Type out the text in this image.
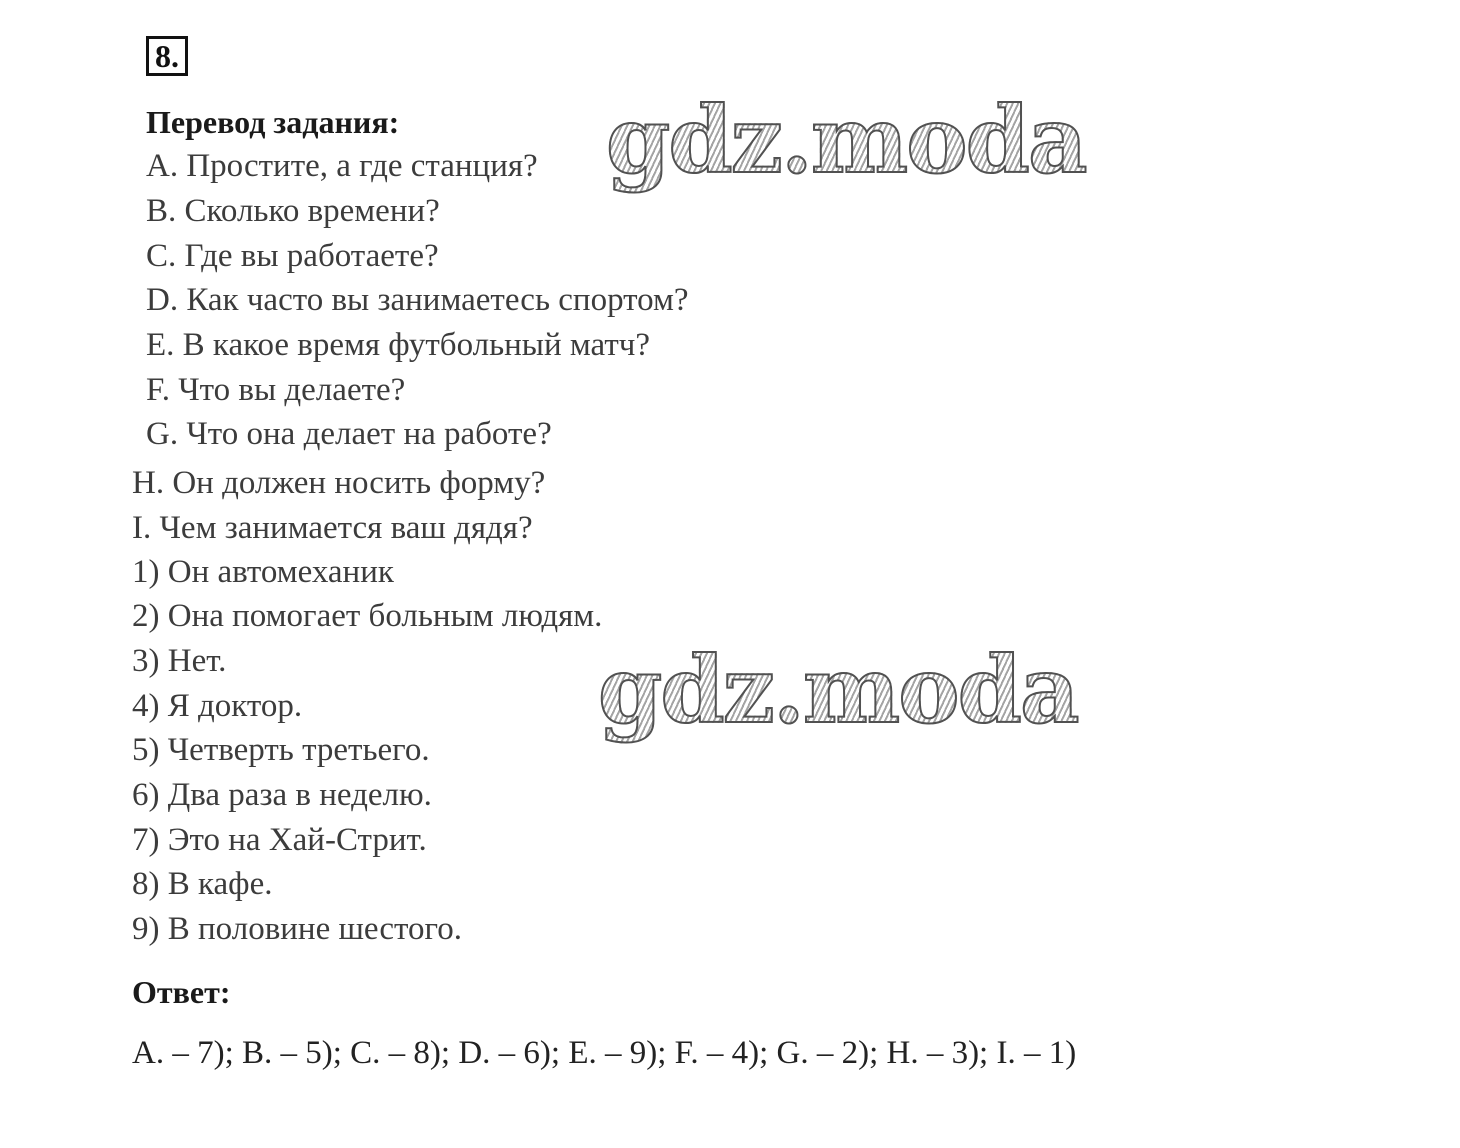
8.
Перевод задания:
A. Простите, а где станция?
B. Сколько времени?
C. Где вы работаете?
D. Как часто вы занимаетесь спортом?
E. В какое время футбольный матч?
F. Что вы делаете?
G. Что она делает на работе?
H. Он должен носить форму?
I. Чем занимается ваш дядя?
1) Он автомеханик
2) Она помогает больным людям.
3) Нет.
4) Я доктор.
5) Четверть третьего.
6) Два раза в неделю.
7) Это на Хай-Стрит.
8) В кафе.
9) В половине шестого.
Ответ:
A. – 7); B. – 5); C. – 8); D. – 6); E. – 9); F. – 4); G. – 2); H. – 3); I. – 1)
gdz.moda
gdz.moda
